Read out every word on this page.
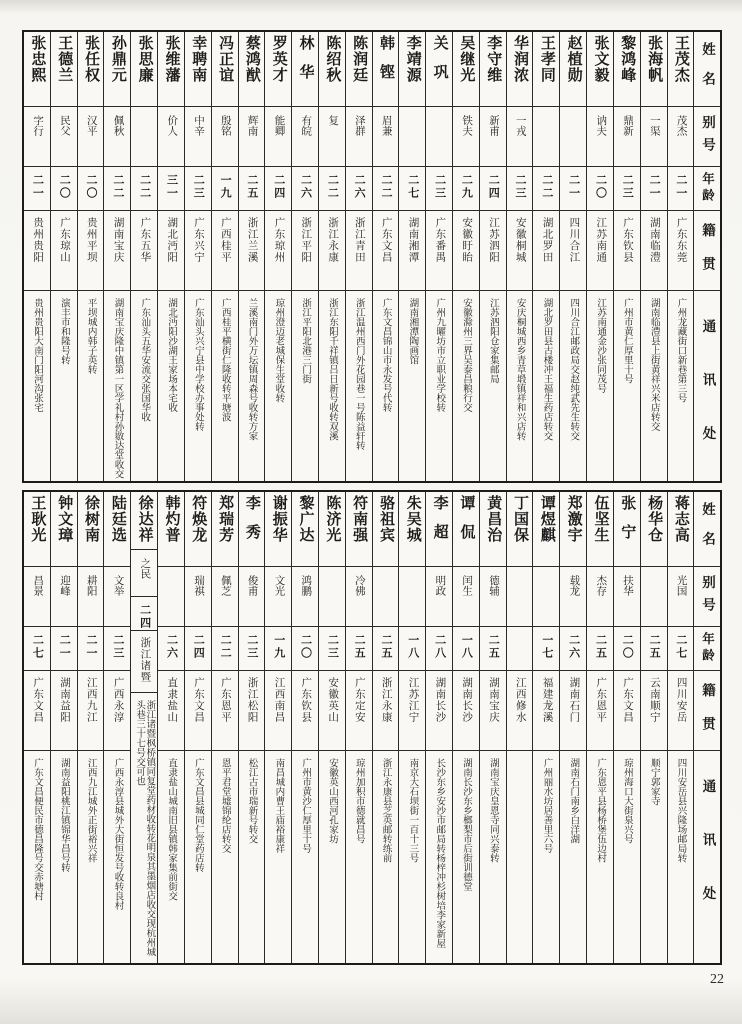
张忠熙
字行
二一
贵州贵阳
贵州贵阳大南门阳河沟张宅
王德兰
民父
二〇
广东琼山
演丰市和隆号转
张任权
汉平
二〇
贵州平坝
平坝城内韩子英转
孙鼎元
佩秋
二二
湖南宝庆
湖南宝庆隆中镇第一区学礼村孙敭达堂收交
张思廉
二二
广东五华
广东汕头五华安流交张国华收
张维藩
价人
三一
湖北沔阳
湖北沔阳沙湖王家场本宅收
幸聘南
中辛
二三
广东兴宁
广东汕头兴宁县中学校办事处转
冯正谊
殷铭
一九
广西桂平
广西桂平横街仁隆收转平塘波
蔡鸿猷
辉南
二五
浙江兰溪
兰溪南门外万坛镇周森号收转方家
罗英才
能卿
二四
广东琼州
琼州澄迈老城保生堂收转
林华
有皖
二六
浙江平阳
浙江平阳北港三门街
陈绍秋
复
二二
浙江永康
浙江东阳千祥镇吕日新号收转双溪
陈润廷
泽群
二六
浙江青田
浙江温州西门外花园巷一号陈益轩转
韩铿
眉兼
二二
广东文昌
广东文昌锦山市永发号代转
李靖源
二七
湖南湘潭
湖南湘潭陶画馆
关巩
二三
广东番禺
广州九曜坊市立职业学校转
吴继光
铁夫
二九
安徽盱眙
安徽滁州三界吴泰昌粮行交
李守维
新甫
二四
江苏泗阳
江苏泗阳仓家集邮局
华润浓
一戎
二三
安徽桐城
安庆桐城西乡青草塅镇祥和兴店转
王孝同
二二
湖北罗田
湖北罗田县古楼冲王福生药店转交
赵植勋
二一
四川合江
四川合江邮政局交赵纯武先生转交
张文毅
讷夫
二〇
江苏南通
江苏南通金沙张同茂号
黎鸿峰
鼎新
二三
广东钦县
广州市黄仁厚里十号
张海帆
一渠
二一
湖南临澧
湖南临澧县上街黄祥兴米店转交
王茂杰
茂杰
二一
广东东莞
广州龙藏街口新巷第三号
姓名
别号
年龄
籍贯
通讯处
王耿光
昌景
二七
广东文昌
广东文昌便民市德昌隆号交赤塘村
钟文璋
迎峰
二一
湖南益阳
湖南益阳桃江镇锦华昌号转
徐树南
耕阳
二一
江西九江
江西九江城外正街裕兴祥
陆廷选
文举
二三
广西永淳
广西永淳县城外大街恒发号收转良村
徐达祥
之民
二四
浙江诸暨
浙江诸暨枫桥镇同复堂药材收转花明泉其墨烟店收交现杭州城头巷三十七号交可也
韩灼普
二六
直隶盐山
直隶盐山城南旧县镇韩家集前街交
符焕龙
瑞祺
二四
广东文昌
广东文昌县城同仁堂药店转
郑瑞芳
佩芝
二二
广东恩平
恩平君堂墟锦纶店转交
李秀
俊甫
二三
浙江松阳
松江古市瑞新号转交
谢振华
文光
一九
江西南昌
南昌城内曹王庙裕康祥
黎广达
鸿鹏
二〇
广东钦县
广州市黄沙仁厚里十号
陈济光
二三
安徽英山
安徽英山西河孔家坊
符南强
冷佛
二五
广东定安
琼州加积市德就昌号
骆祖宾
二五
浙江永康
浙江永康县芝英邮转练前
朱吴城
一八
江苏江宁
南京大石坝街一百十三号
李超
明政
二八
湖南长沙
长沙东乡安沙市邮局转杨梓冲杉树培李家新屋
谭侃
闰生
一八
湖南长沙
湖南长沙东乡榔梨市后街训德堂
黄昌治
德辅
二五
湖南宝庆
湖南宝庆皇恩寺同兴泰转
丁国保
江西修水
谭煜麒
一七
福建龙溪
广州丽水坊居善里六号
郑激宇
载龙
二六
湖南石门
湖南石门南乡白洋湖
伍坚生
杰存
二五
广东恩平
广东恩平县杨桥堡伍边村
张宁
扶华
二〇
广东文昌
琼州海口大街泉兴号
杨华仓
二五
云南顺宁
顺宁郭家寺
蒋志高
光国
二七
四川安岳
四川安岳县兴隆场邮局转
姓名
别号
年龄
籍贯
通讯处
22
